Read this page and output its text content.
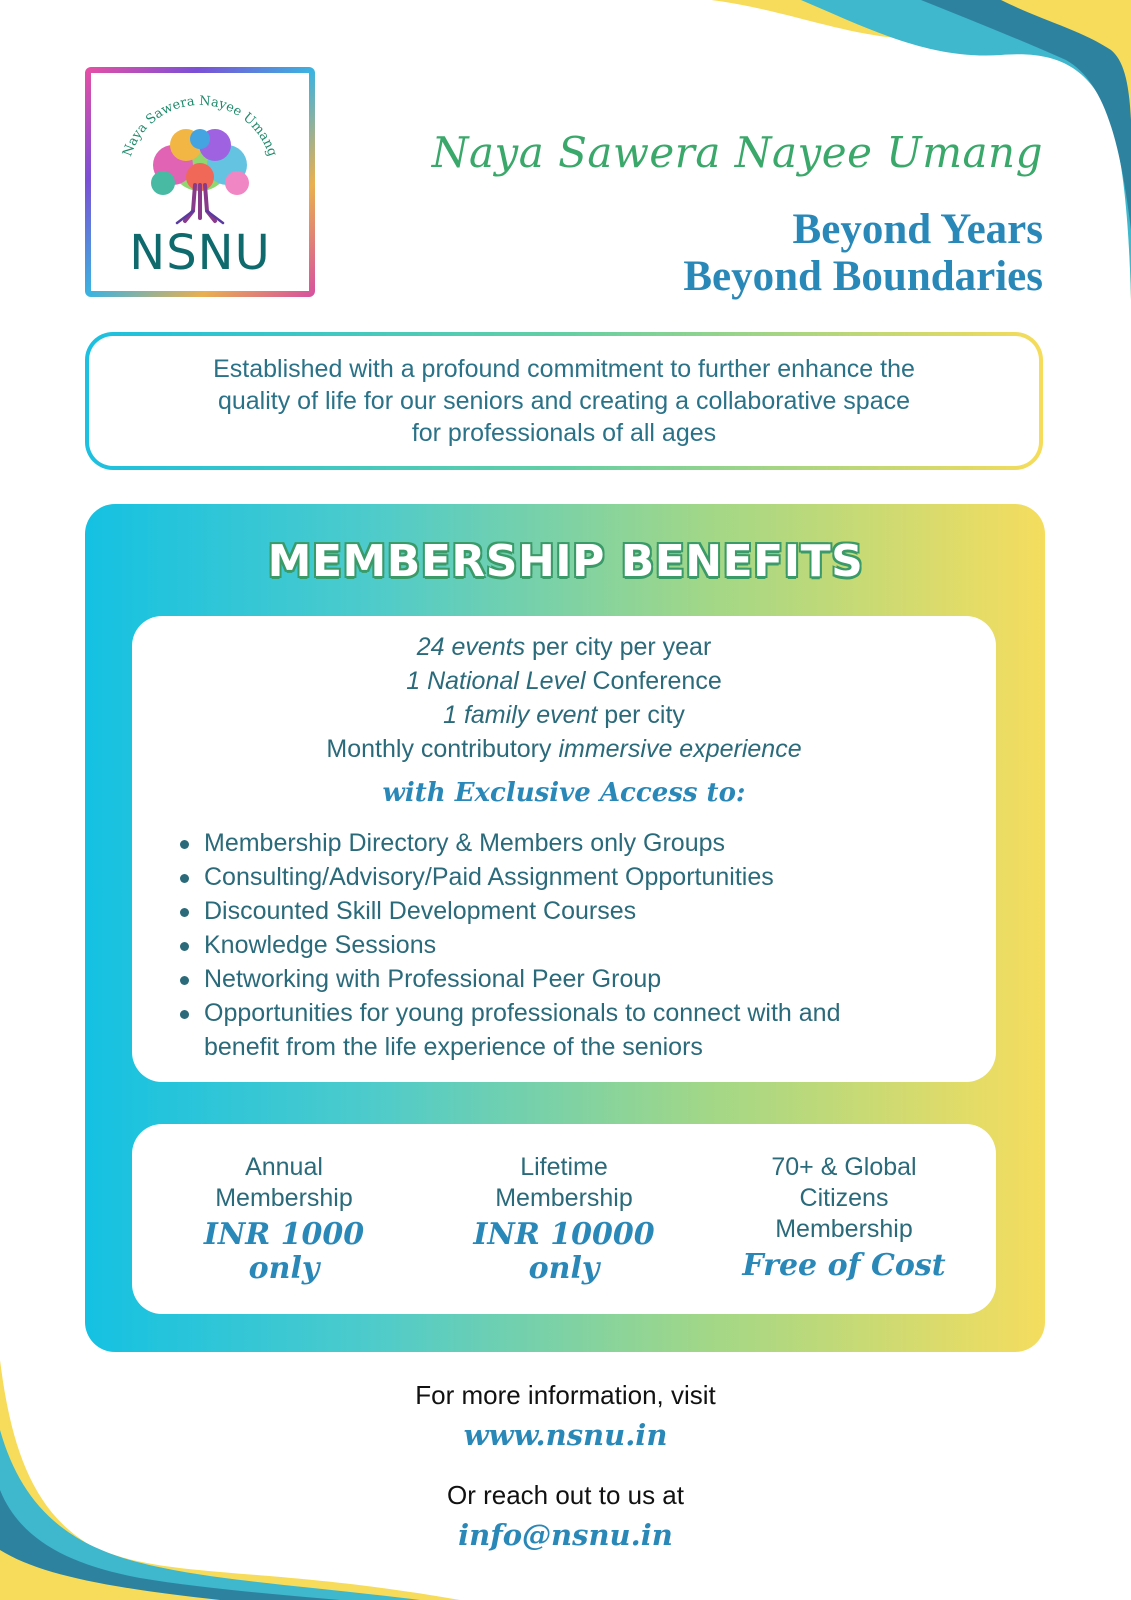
Naya Sawera Nayee Umang
NSNU
Naya Sawera Nayee Umang
Beyond Years
Beyond Boundaries

Established with a profound commitment to further enhance the
quality of life for our seniors and creating a collaborative space
for professionals of all ages

MEMBERSHIP BENEFITS
24 events per city per year
1 National Level Conference
1 family event per city
Monthly contributory immersive experience
with Exclusive Access to:
Membership Directory & Members only Groups
Consulting/Advisory/Paid Assignment Opportunities
Discounted Skill Development Courses
Knowledge Sessions
Networking with Professional Peer Group
Opportunities for young professionals to connect with and
benefit from the life experience of the seniors
Annual
Membership
INR 1000
only
Lifetime
Membership
INR 10000
only
70+ & Global
Citizens
Membership
Free of Cost
For more information, visit
www.nsnu.in
Or reach out to us at
info@nsnu.in
